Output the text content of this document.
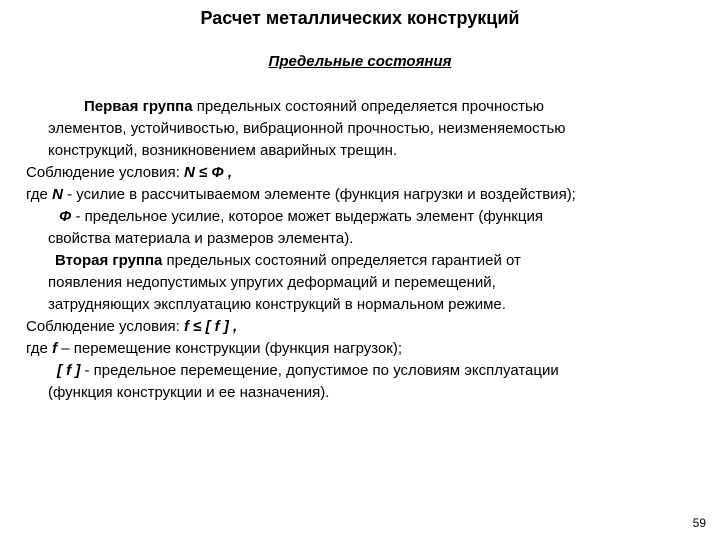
Расчет металлических конструкций
Предельные состояния
Первая группа предельных состояний определяется прочностью
элементов, устойчивостью, вибрационной прочностью, неизменяемостью
конструкций, возникновением аварийных трещин.
Соблюдение условия: N ≤ Φ ,
где N - усилие в рассчитываемом элементе (функция нагрузки и воздействия);
Φ - предельное усилие, которое может выдержать элемент (функция
свойства материала и размеров элемента).
Вторая группа предельных состояний определяется гарантией от
появления недопустимых упругих деформаций и перемещений,
затрудняющих эксплуатацию конструкций в нормальном режиме.
Соблюдение условия: f ≤ [ f ] ,
где f – перемещение конструкции (функция нагрузок);
[ f ] - предельное перемещение, допустимое по условиям эксплуатации
(функция конструкции и ее назначения).
59
